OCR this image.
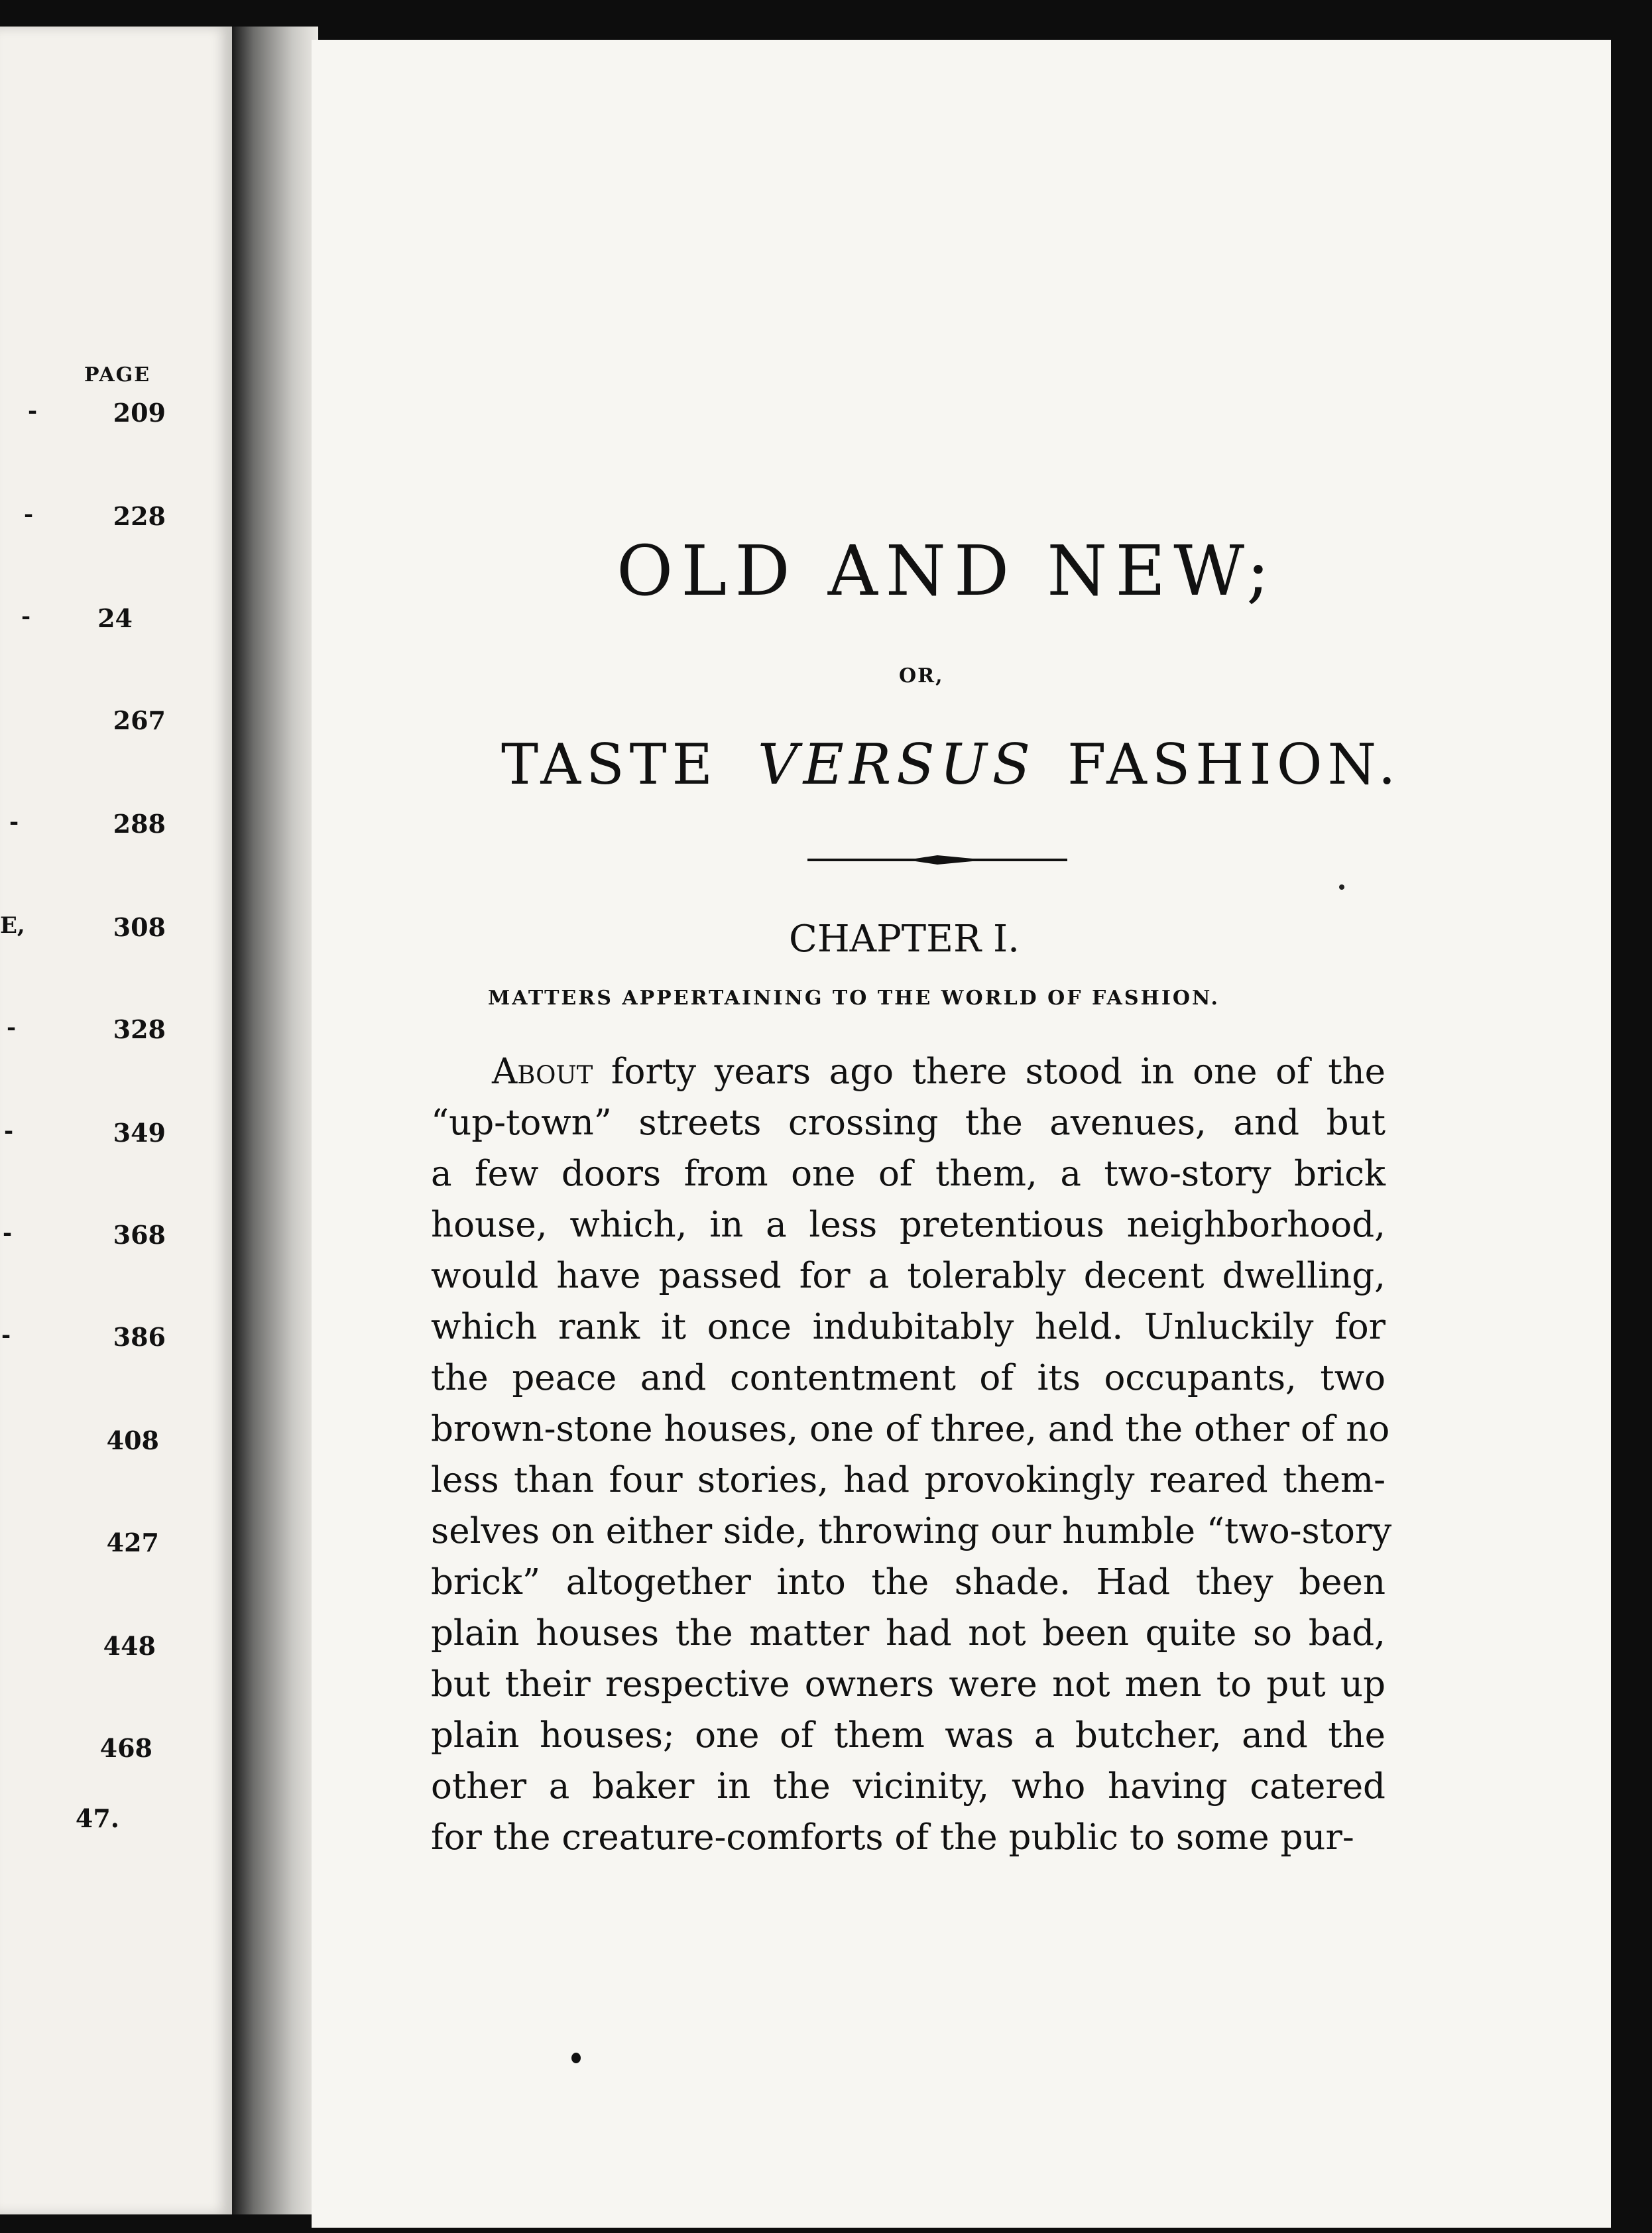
PAGE
-	209
-	228
-	24
267
-	288
E,	308
-	328
-	349
-	368
-	386
408
427
448
468
47.
OLD AND NEW;
OR,
TASTE VERSUS FASHION.
CHAPTER I.
MATTERS APPERTAINING TO THE WORLD OF FASHION.
About forty years ago there stood in one of the
“up-town” streets crossing the avenues, and but
a few doors from one of them, a two-story brick
house, which, in a less pretentious neighborhood,
would have passed for a tolerably decent dwelling,
which rank it once indubitably held. Unluckily for
the peace and contentment of its occupants, two
brown-stone houses, one of three, and the other of no
less than four stories, had provokingly reared them-
selves on either side, throwing our humble “two-story
brick” altogether into the shade. Had they been
plain houses the matter had not been quite so bad,
but their respective owners were not men to put up
plain houses; one of them was a butcher, and the
other a baker in the vicinity, who having catered
for the creature-comforts of the public to some pur-
